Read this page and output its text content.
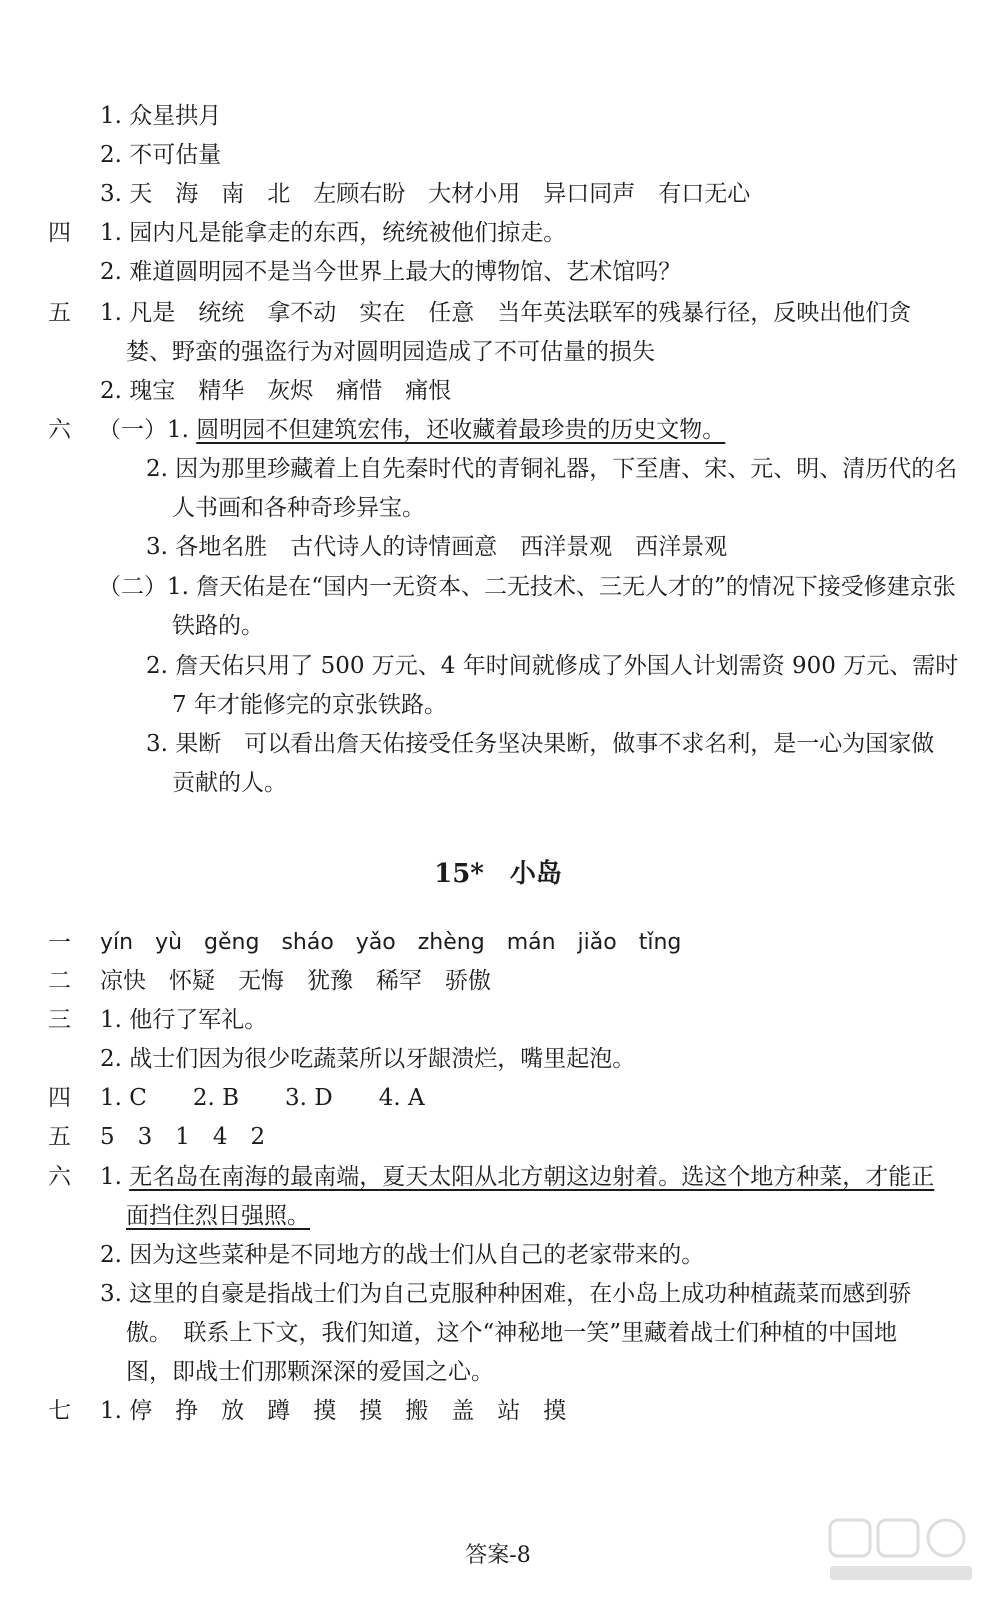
1. 众星拱月
2. 不可估量
3. 天　海　南　北　左顾右盼　大材小用　异口同声　有口无心
四 1. 园内凡是能拿走的东西，统统被他们掠走。
2. 难道圆明园不是当今世界上最大的博物馆、艺术馆吗？
五 1. 凡是　统统　拿不动　实在　任意　当年英法联军的残暴行径，反映出他们贪
婪、野蛮的强盗行为对圆明园造成了不可估量的损失
2. 瑰宝　精华　灰烬　痛惜　痛恨
六 （一）1. 圆明园不但建筑宏伟，还收藏着最珍贵的历史文物。
2. 因为那里珍藏着上自先秦时代的青铜礼器，下至唐、宋、元、明、清历代的名
人书画和各种奇珍异宝。
3. 各地名胜　古代诗人的诗情画意　西洋景观　西洋景观
（二）1. 詹天佑是在“国内一无资本、二无技术、三无人才的”的情况下接受修建京张
铁路的。
2. 詹天佑只用了 500 万元、4 年时间就修成了外国人计划需资 900 万元、需时
7 年才能修完的京张铁路。
3. 果断　可以看出詹天佑接受任务坚决果断，做事不求名利，是一心为国家做
贡献的人。
15*　小岛
一 yín　yù　gěng　sháo　yǎo　zhèng　mán　jiǎo　tǐng
二 凉快　怀疑　无悔　犹豫　稀罕　骄傲
三 1. 他行了军礼。
2. 战士们因为很少吃蔬菜所以牙龈溃烂，嘴里起泡。
四 1. C　　2. B　　3. D　　4. A
五 5　3　1　4　2
六 1. 无名岛在南海的最南端，夏天太阳从北方朝这边射着。选这个地方种菜，才能正
面挡住烈日强照。
2. 因为这些菜种是不同地方的战士们从自己的老家带来的。
3. 这里的自豪是指战士们为自己克服种种困难，在小岛上成功种植蔬菜而感到骄
傲。　联系上下文，我们知道，这个“神秘地一笑”里藏着战士们种植的中国地
图，即战士们那颗深深的爱国之心。
七 1. 停　挣　放　蹲　摸　摸　搬　盖　站　摸
答案-8
